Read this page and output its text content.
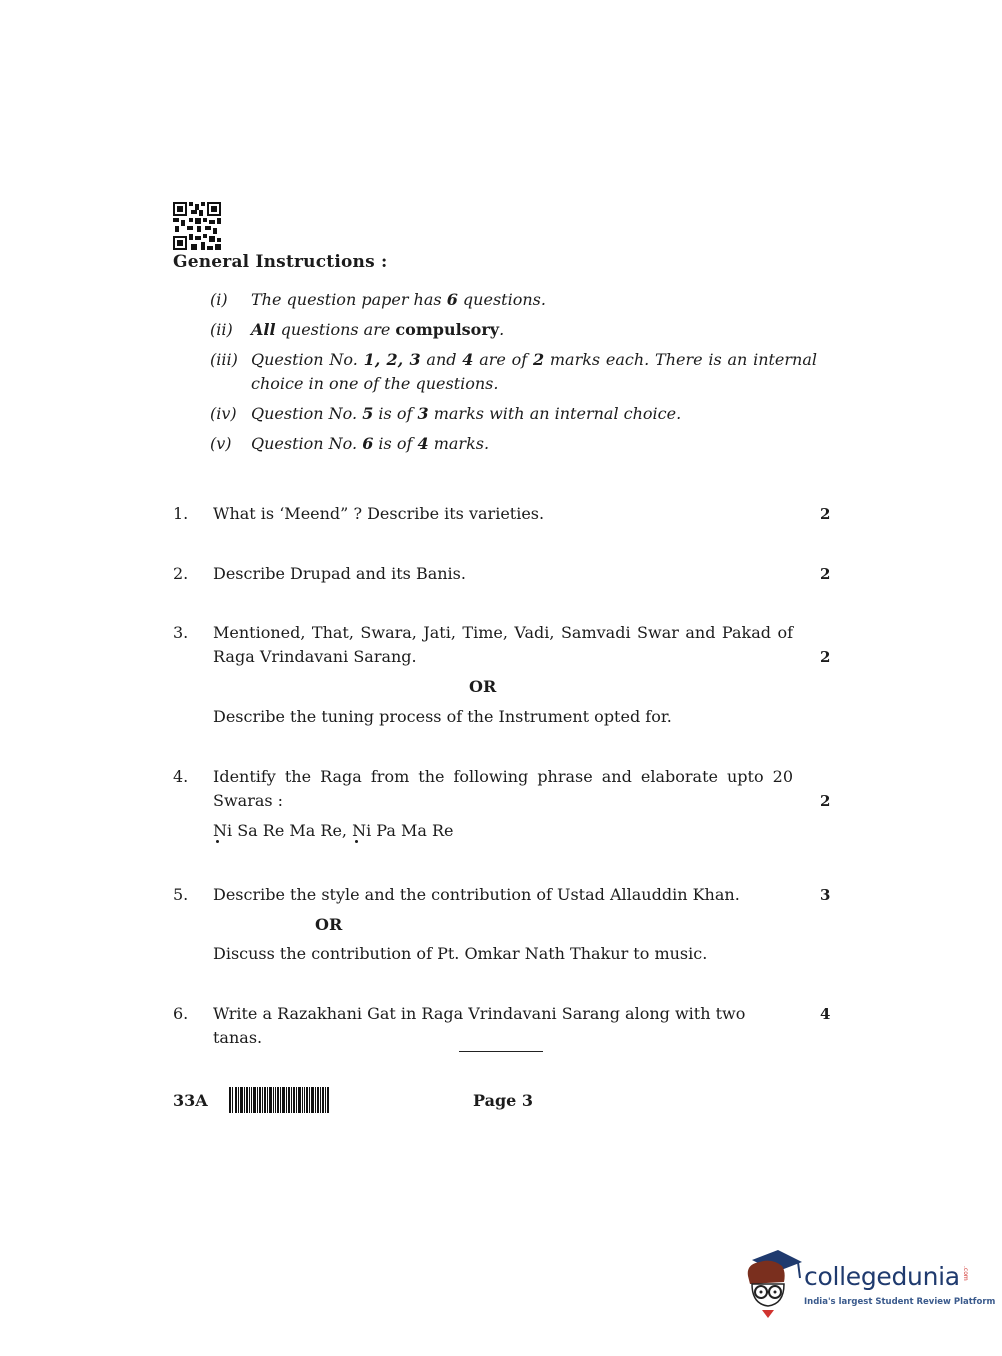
General Instructions :
(i) The question paper has 6 questions.
(ii) All questions are compulsory.
(iii) Question No. 1, 2, 3 and 4 are of 2 marks each. There is an internal
choice in one of the questions.
(iv) Question No. 5 is of 3 marks with an internal choice.
(v) Question No. 6 is of 4 marks.
1. What is ‘Meend” ? Describe its varieties.	2
2. Describe Drupad and its Banis.	2
3. Mentioned, That, Swara, Jati, Time, Vadi, Samvadi Swar and Pakad of
Raga Vrindavani Sarang.	2
OR
Describe the tuning process of the Instrument opted for.
4. Identify the Raga from the following phrase and elaborate upto 20
Swaras :	2
Ni Sa Re Ma Re, Ni Pa Ma Re
5. Describe the style and the contribution of Ustad Allauddin Khan.	3
OR
Discuss the contribution of Pt. Omkar Nath Thakur to music.
6. Write a Razakhani Gat in Raga Vrindavani Sarang along with two tanas.
4
33A	Page 3
collegedunia .com
India's largest Student Review Platform
